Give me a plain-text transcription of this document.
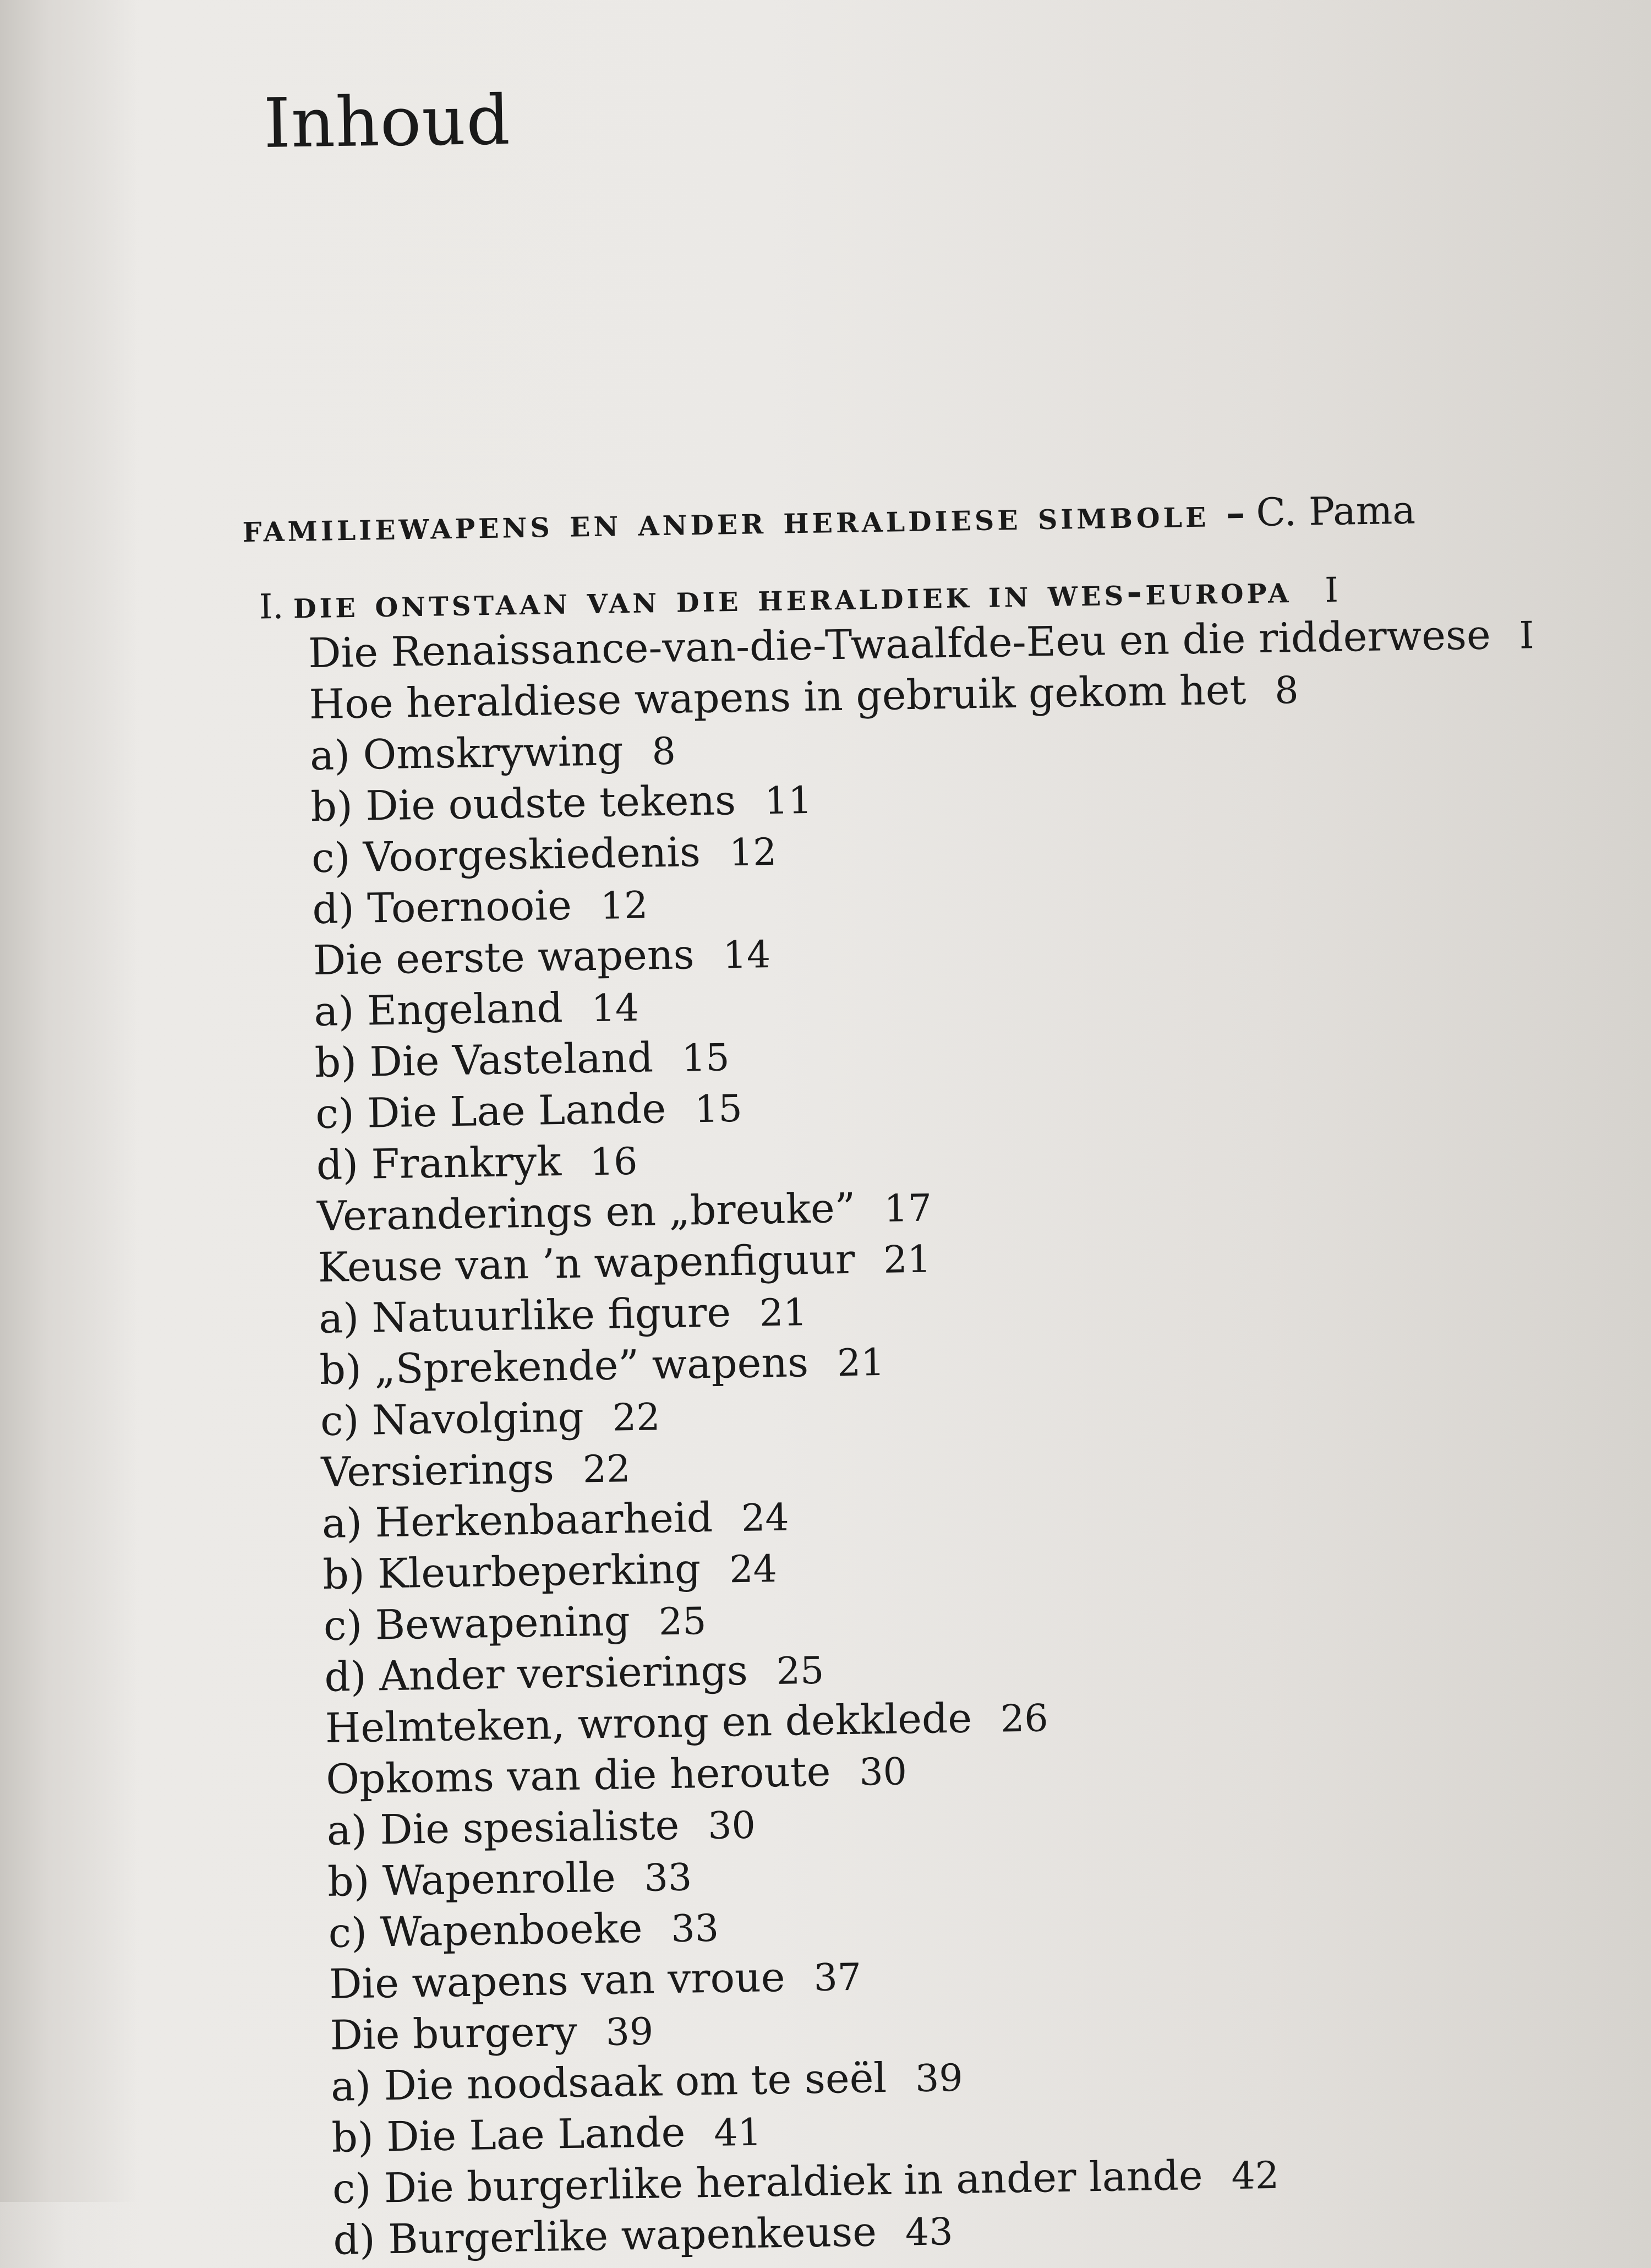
Inhoud
familiewapens en ander heraldiese simbole – C. Pama
I. die ontstaan van die heraldiek in wes-europa I
Die Renaissance-van-die-Twaalfde-Eeu en die ridderwese I
Hoe heraldiese wapens in gebruik gekom het 8
a) Omskrywing 8
b) Die oudste tekens 11
c) Voorgeskiedenis 12
d) Toernooie 12
Die eerste wapens 14
a) Engeland 14
b) Die Vasteland 15
c) Die Lae Lande 15
d) Frankryk 16
Veranderings en „breuke” 17
Keuse van ’n wapenfiguur 21
a) Natuurlike figure 21
b) „Sprekende” wapens 21
c) Navolging 22
Versierings 22
a) Herkenbaarheid 24
b) Kleurbeperking 24
c) Bewapening 25
d) Ander versierings 25
Helmteken, wrong en dekklede 26
Opkoms van die heroute 30
a) Die spesialiste 30
b) Wapenrolle 33
c) Wapenboeke 33
Die wapens van vroue 37
Die burgery 39
a) Die noodsaak om te seël 39
b) Die Lae Lande 41
c) Die burgerlike heraldiek in ander lande 42
d) Burgerlike wapenkeuse 43
